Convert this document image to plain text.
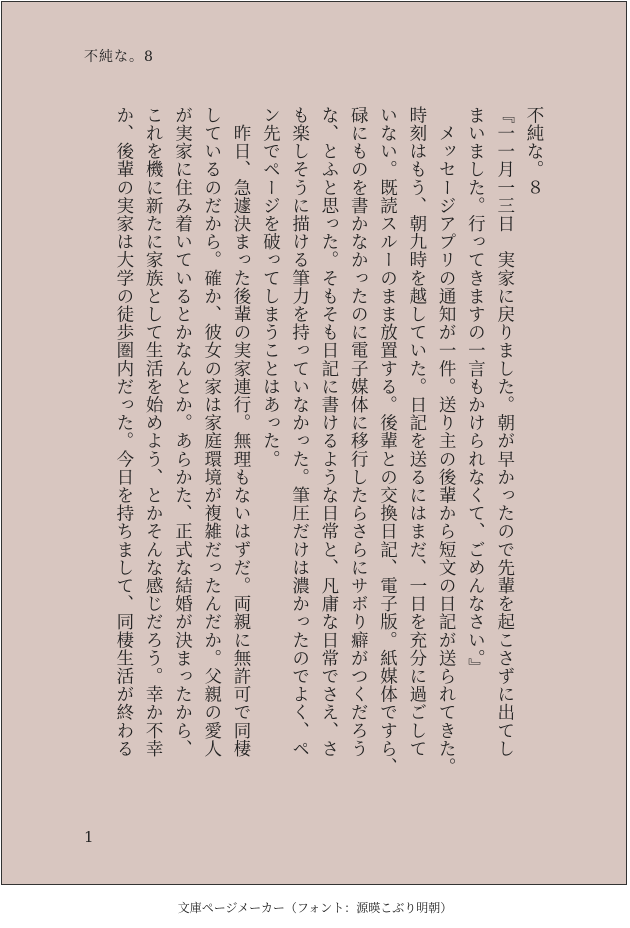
不純な。8
不純な。８
『一一月一三日　実家に戻りました。朝が早かったので先輩を起こさずに出てし
まいました。行ってきますの一言もかけられなくて、ごめんなさい。』
　メッセージアプリの通知が一件。送り主の後輩から短文の日記が送られてきた。
時刻はもう、朝九時を越していた。日記を送るにはまだ、一日を充分に過ごして
いない。既読スルーのまま放置する。後輩との交換日記、電子版。紙媒体ですら、
碌にものを書かなかったのに電子媒体に移行したらさらにサボり癖がつくだろう
な、とふと思った。そもそも日記に書けるような日常と、凡庸な日常でさえ、さ
も楽しそうに描ける筆力を持っていなかった。筆圧だけは濃かったのでよく、ペ
ン先でページを破ってしまうことはあった。
　昨日、急遽決まった後輩の実家連行。無理もないはずだ。両親に無許可で同棲
しているのだから。確か、彼女の家は家庭環境が複雑だったんだか。父親の愛人
が実家に住み着いているとかなんとか。あらかた、正式な結婚が決まったから、
これを機に新たに家族として生活を始めよう、とかそんな感じだろう。幸か不幸
か、後輩の実家は大学の徒歩圏内だった。今日を持ちまして、同棲生活が終わる
1
文庫ページメーカー（フォント：源暎こぶり明朝）
